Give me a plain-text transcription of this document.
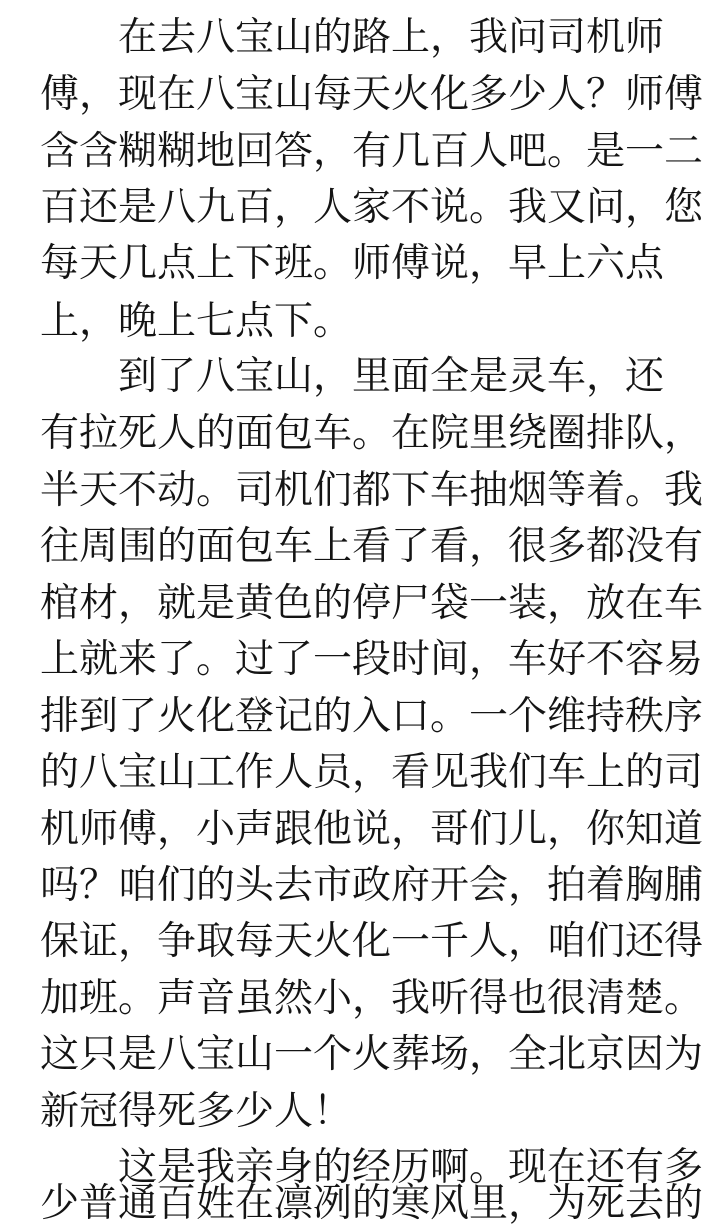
在去八宝山的路上，我问司机师
傅，现在八宝山每天火化多少人？师傅
含含糊糊地回答，有几百人吧。是一二
百还是八九百，人家不说。我又问，您
每天几点上下班。师傅说，早上六点
上，晚上七点下。
到了八宝山，里面全是灵车，还
有拉死人的面包车。在院里绕圈排队，
半天不动。司机们都下车抽烟等着。我
往周围的面包车上看了看，很多都没有
棺材，就是黄色的停尸袋一装，放在车
上就来了。过了一段时间，车好不容易
排到了火化登记的入口。一个维持秩序
的八宝山工作人员，看见我们车上的司
机师傅，小声跟他说，哥们儿，你知道
吗？咱们的头去市政府开会，拍着胸脯
保证，争取每天火化一千人，咱们还得
加班。声音虽然小，我听得也很清楚。
这只是八宝山一个火葬场，全北京因为
新冠得死多少人！
这是我亲身的经历啊。现在还有多
少普通百姓在凛冽的寒风里，为死去的
